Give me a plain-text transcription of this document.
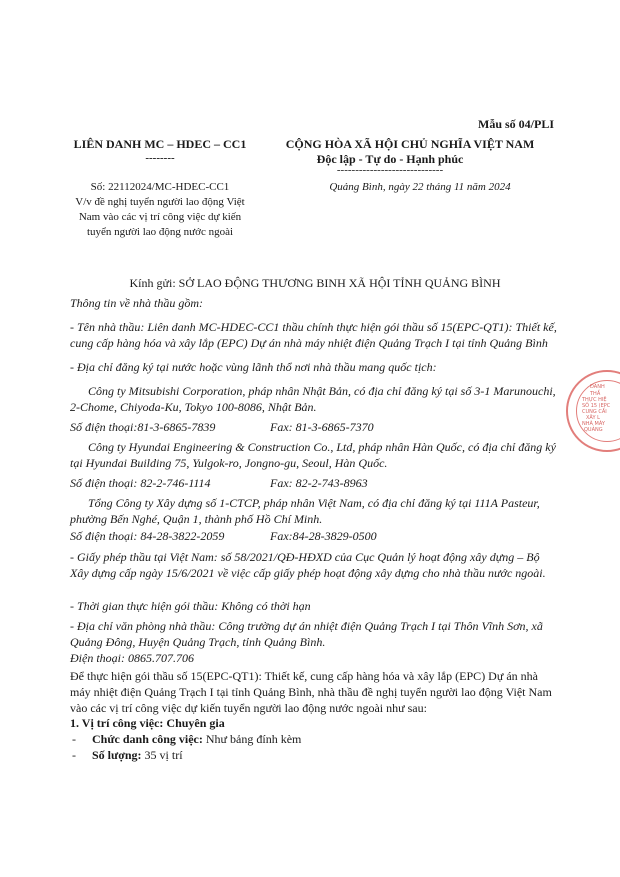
Mẫu số 04/PLI
LIÊN DANH MC – HDEC – CC1
--------
Số: 22112024/MC-HDEC-CC1
V/v đề nghị tuyển người lao động Việt Nam vào các vị trí công việc dự kiến tuyển người lao động nước ngoài
CỘNG HÒA XÃ HỘI CHỦ NGHĨA VIỆT NAM
Độc lập - Tự do - Hạnh phúc
-----------------------------
Quảng Bình, ngày 22 tháng 11 năm 2024
Kính gửi: SỞ LAO ĐỘNG THƯƠNG BINH XÃ HỘI TỈNH QUẢNG BÌNH
Thông tin về nhà thầu gồm:
- Tên nhà thầu: Liên danh MC-HDEC-CC1 thầu chính thực hiện gói thầu số 15(EPC-QT1): Thiết kế, cung cấp hàng hóa và xây lắp (EPC) Dự án nhà máy nhiệt điện Quảng Trạch I tại tỉnh Quảng Bình
- Địa chỉ đăng ký tại nước hoặc vùng lãnh thổ nơi nhà thầu mang quốc tịch:
Công ty Mitsubishi Corporation, pháp nhân Nhật Bản, có địa chỉ đăng ký tại số 3-1 Marunouchi, 2-Chome, Chiyoda-Ku, Tokyo 100-8086, Nhật Bản.
Số điện thoại:81-3-6865-7839	Fax: 81-3-6865-7370
Công ty Hyundai Engineering & Construction Co., Ltd, pháp nhân Hàn Quốc, có địa chỉ đăng ký tại Hyundai Building 75, Yulgok-ro, Jongno-gu, Seoul, Hàn Quốc.
Số điện thoại: 82-2-746-1114	Fax: 82-2-743-8963
Tổng Công ty Xây dựng số 1-CTCP, pháp nhân Việt Nam, có địa chỉ đăng ký tại 111A Pasteur, phường Bến Nghé, Quận 1, thành phố Hồ Chí Minh.
Số điện thoại: 84-28-3822-2059	Fax:84-28-3829-0500
- Giấy phép thầu tại Việt Nam: số 58/2021/QĐ-HĐXD của Cục Quản lý hoạt động xây dựng – Bộ Xây dựng cấp ngày 15/6/2021 về việc cấp giấy phép hoạt động xây dựng cho nhà thầu nước ngoài.
- Thời gian thực hiện gói thầu: Không có thời hạn
- Địa chỉ văn phòng nhà thầu: Công trường dự án nhiệt điện Quảng Trạch I tại Thôn Vĩnh Sơn, xã Quảng Đông, Huyện Quảng Trạch, tỉnh Quảng Bình.
Điện thoại: 0865.707.706
Để thực hiện gói thầu số 15(EPC-QT1): Thiết kế, cung cấp hàng hóa và xây lắp (EPC) Dự án nhà máy nhiệt điện Quảng Trạch I tại tỉnh Quảng Bình, nhà thầu đề nghị tuyển người lao động Việt Nam vào các vị trí công việc dự kiến tuyển người lao động nước ngoài như sau:
1. Vị trí công việc: Chuyên gia
- Chức danh công việc: Như bảng đính kèm
- Số lượng: 35 vị trí
ĐANH
THẦ
THỰC HIỆ
SỐ 15 (EPC
CUNG CẤI
XÂY L
NHÀ MÁY
QUẢNG
